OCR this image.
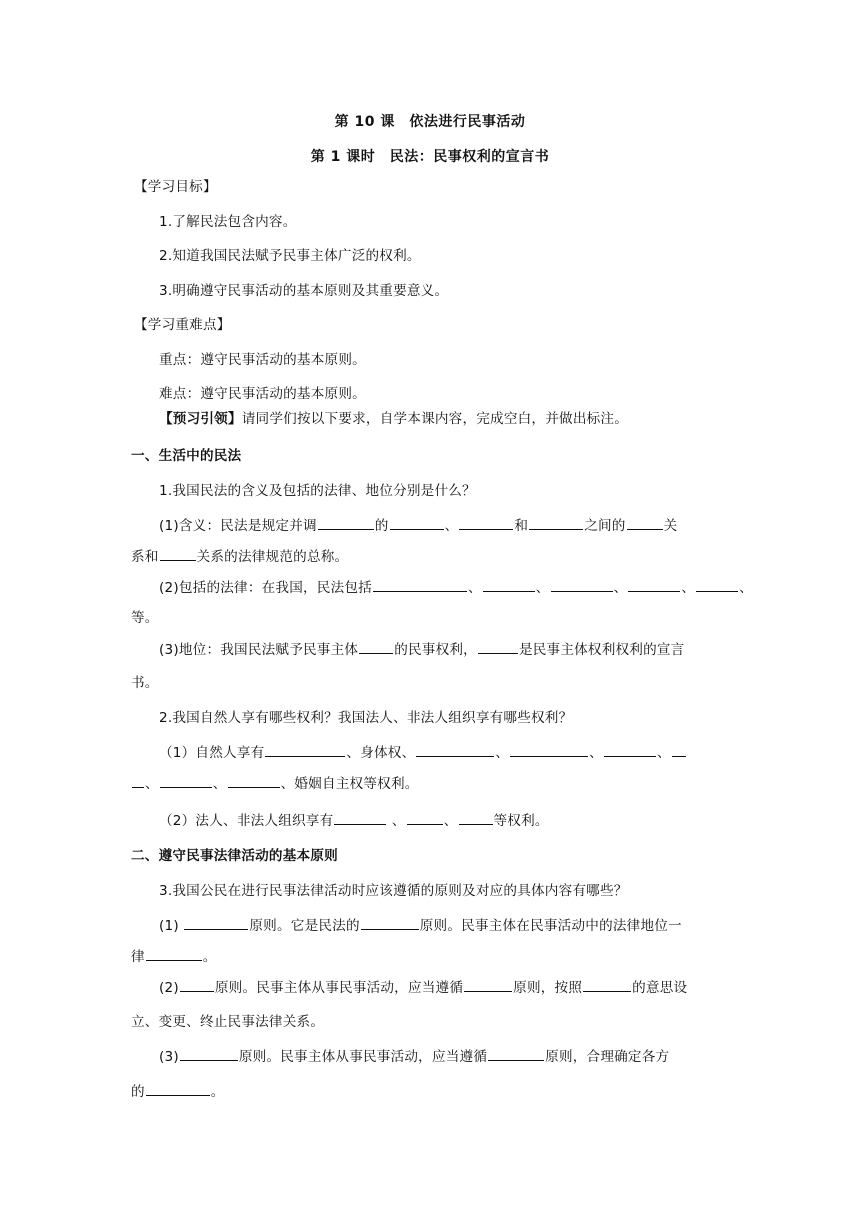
第 10 课　依法进行民事活动
第 1 课时　民法：民事权利的宣言书
【学习目标】
1.了解民法包含内容。
2.知道我国民法赋予民事主体广泛的权利。
3.明确遵守民事活动的基本原则及其重要意义。
【学习重难点】
重点：遵守民事活动的基本原则。
难点：遵守民事活动的基本原则。
【预习引领】请同学们按以下要求，自学本课内容，完成空白，并做出标注。
一、生活中的民法
1.我国民法的含义及包括的法律、地位分别是什么？
(1)含义：民法是规定并调	的	、	和	之间的	关
系和	关系的法律规范的总称。
(2)包括的法律：在我国，民法包括	、	、	、	、	、
等。
(3)地位：我国民法赋予民事主体	的民事权利，	是民事主体权利权利的宣言
书。
2.我国自然人享有哪些权利？我国法人、非法人组织享有哪些权利？
（1）自然人享有	、身体权、	、	、	、
、	、	、婚姻自主权等权利。
（2）法人、非法人组织享有	、	、	等权利。
二、遵守民事法律活动的基本原则
3.我国公民在进行民事法律活动时应该遵循的原则及对应的具体内容有哪些？
(1)	原则。它是民法的	原则。民事主体在民事活动中的法律地位一
律	。
(2)	原则。民事主体从事民事活动，应当遵循	原则，按照	的意思设
立、变更、终止民事法律关系。
(3)	原则。民事主体从事民事活动，应当遵循	原则，合理确定各方
的	。
